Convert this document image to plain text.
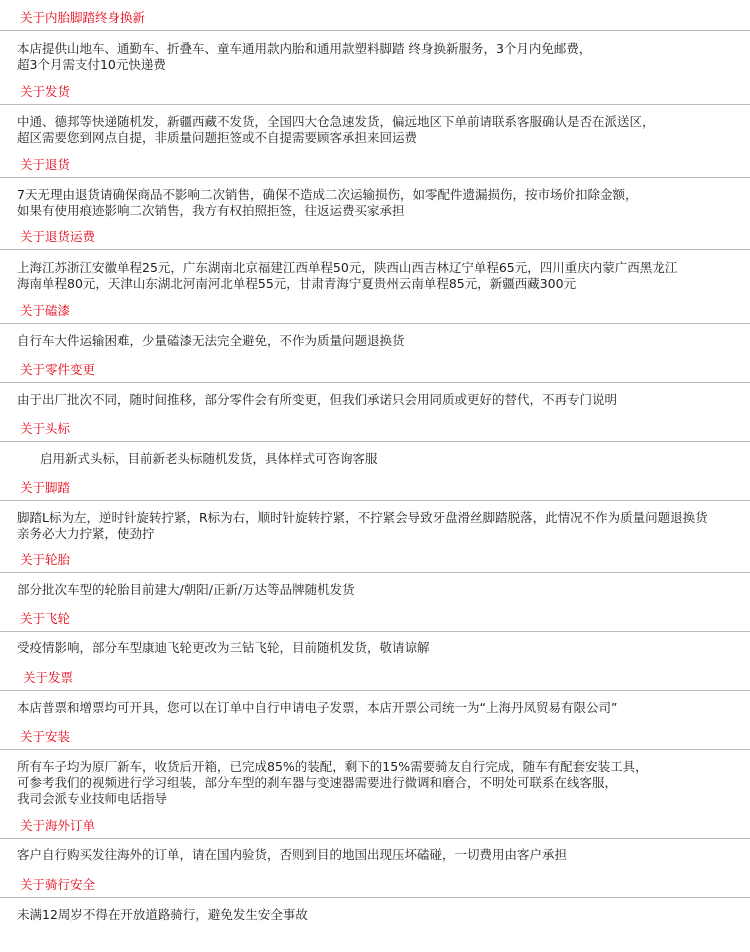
关于内胎脚踏终身换新
本店提供山地车、通勤车、折叠车、童车通用款内胎和通用款塑料脚踏 终身换新服务，3个月内免邮费，
超3个月需支付10元快递费
关于发货
中通、德邦等快递随机发，新疆西藏不发货，全国四大仓急速发货，偏远地区下单前请联系客服确认是否在派送区，
超区需要您到网点自提，非质量问题拒签或不自提需要顾客承担来回运费
关于退货
7天无理由退货请确保商品不影响二次销售，确保不造成二次运输损伤，如零配件遗漏损伤，按市场价扣除金额，
如果有使用痕迹影响二次销售，我方有权拍照拒签，往返运费买家承担
关于退货运费
上海江苏浙江安徽单程25元，广东湖南北京福建江西单程50元，陕西山西吉林辽宁单程65元，四川重庆内蒙广西黑龙江
海南单程80元，天津山东湖北河南河北单程55元，甘肃青海宁夏贵州云南单程85元，新疆西藏300元
关于磕漆
自行车大件运输困难，少量磕漆无法完全避免，不作为质量问题退换货
关于零件变更
由于出厂批次不同，随时间推移，部分零件会有所变更，但我们承诺只会用同质或更好的替代，不再专门说明
关于头标
启用新式头标，目前新老头标随机发货，具体样式可咨询客服
关于脚踏
脚踏L标为左，逆时针旋转拧紧，R标为右，顺时针旋转拧紧，不拧紧会导致牙盘滑丝脚踏脱落，此情况不作为质量问题退换货
亲务必大力拧紧，使劲拧
关于轮胎
部分批次车型的轮胎目前建大/朝阳/正新/万达等品牌随机发货
关于飞轮
受疫情影响，部分车型康迪飞轮更改为三钻飞轮，目前随机发货，敬请谅解
关于发票
本店普票和增票均可开具，您可以在订单中自行申请电子发票，本店开票公司统一为“上海丹凤贸易有限公司”
关于安装
所有车子均为原厂新车，收货后开箱，已完成85%的装配，剩下的15%需要骑友自行完成，随车有配套安装工具，
可参考我们的视频进行学习组装，部分车型的刹车器与变速器需要进行微调和磨合，不明处可联系在线客服，
我司会派专业技师电话指导
关于海外订单
客户自行购买发往海外的订单，请在国内验货，否则到目的地国出现压坏磕碰，一切费用由客户承担
关于骑行安全
未满12周岁不得在开放道路骑行，避免发生安全事故
